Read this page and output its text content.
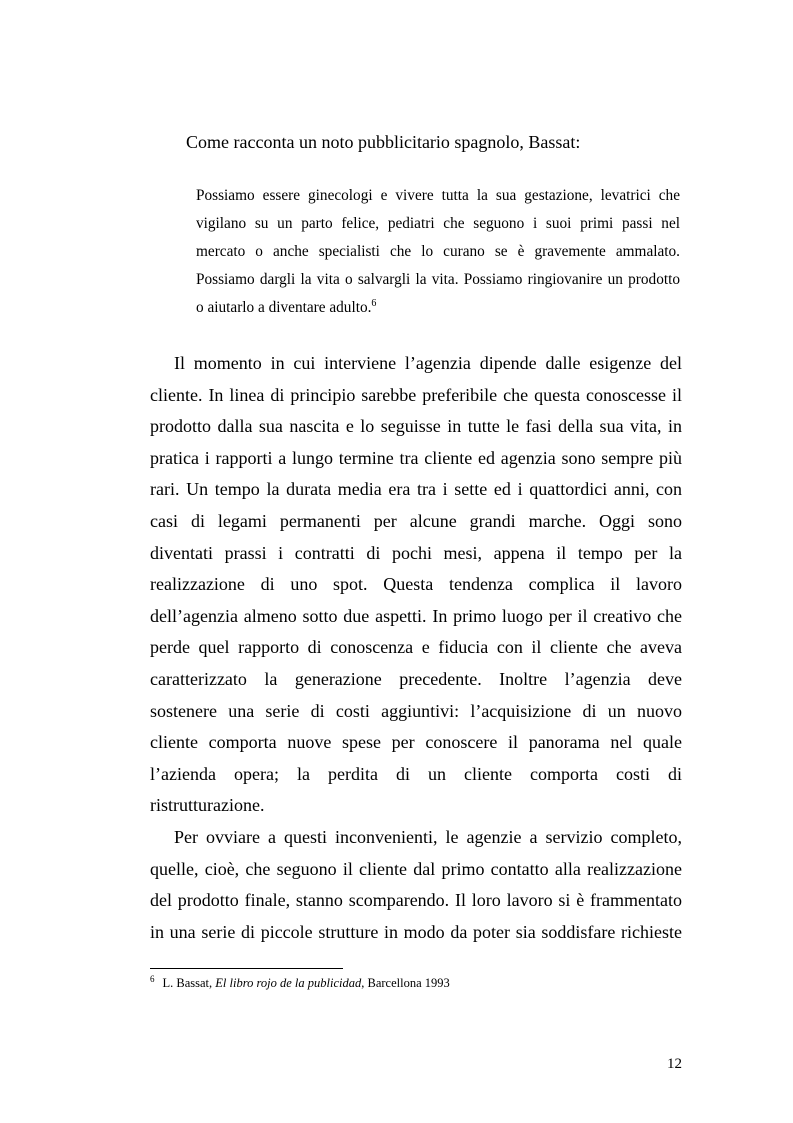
Come racconta un noto pubblicitario spagnolo, Bassat:
Possiamo essere ginecologi e vivere tutta la sua gestazione, levatrici che
vigilano su un parto felice, pediatri che seguono i suoi primi passi nel
mercato o anche specialisti che lo curano se è gravemente ammalato.
Possiamo dargli la vita o salvargli la vita. Possiamo ringiovanire un prodotto
o aiutarlo a diventare adulto.$^6$
Il momento in cui interviene l’agenzia dipende dalle esigenze del
cliente. In linea di principio sarebbe preferibile che questa conoscesse il
prodotto dalla sua nascita e lo seguisse in tutte le fasi della sua vita, in
pratica i rapporti a lungo termine tra cliente ed agenzia sono sempre più
rari. Un tempo la durata media era tra i sette ed i quattordici anni, con
casi di legami permanenti per alcune grandi marche. Oggi sono
diventati prassi i contratti di pochi mesi, appena il tempo per la
realizzazione di uno spot. Questa tendenza complica il lavoro
dell’agenzia almeno sotto due aspetti. In primo luogo per il creativo che
perde quel rapporto di conoscenza e fiducia con il cliente che aveva
caratterizzato la generazione precedente. Inoltre l’agenzia deve
sostenere una serie di costi aggiuntivi: l’acquisizione di un nuovo
cliente comporta nuove spese per conoscere il panorama nel quale
l’azienda opera; la perdita di un cliente comporta costi di
ristrutturazione.
Per ovviare a questi inconvenienti, le agenzie a servizio completo,
quelle, cioè, che seguono il cliente dal primo contatto alla realizzazione
del prodotto finale, stanno scomparendo. Il loro lavoro si è frammentato
in una serie di piccole strutture in modo da poter sia soddisfare richieste
$^6$ L. Bassat, El libro rojo de la publicidad, Barcellona 1993
12
